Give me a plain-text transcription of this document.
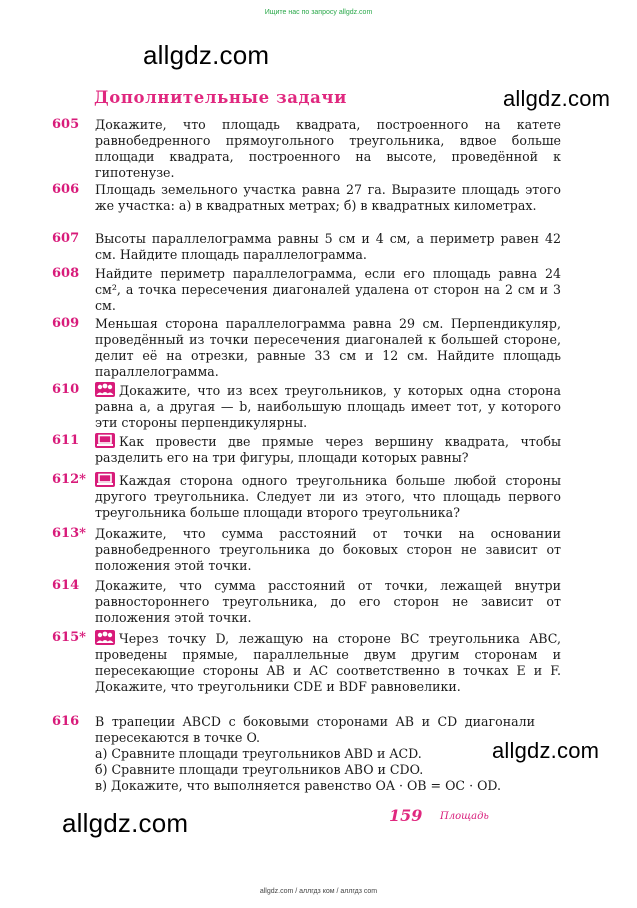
Ищите нас по запросу allgdz.com
allgdz.com
allgdz.com
allgdz.com
allgdz.com
Дополнительные задачи
605 Докажите, что площадь квадрата, построенного на катете равнобедренного прямоугольного треугольника, вдвое больше площади квадрата, построенного на высоте, проведённой к гипотенузе.
606 Площадь земельного участка равна 27 га. Выразите площадь этого же участка: а) в квадратных метрах; б) в квадратных километрах.
607 Высоты параллелограмма равны 5 см и 4 см, а периметр равен 42 см. Найдите площадь параллелограмма.
608 Найдите периметр параллелограмма, если его площадь равна 24 см², а точка пересечения диагоналей удалена от сторон на 2 см и 3 см.
609 Меньшая сторона параллелограмма равна 29 см. Перпендикуляр, проведённый из точки пересечения диагоналей к большей стороне, делит её на отрезки, равные 33 см и 12 см. Найдите площадь параллелограмма.
610	Докажите, что из всех треугольников, у которых одна сторона равна a, а другая — b, наибольшую площадь имеет тот, у которого эти стороны перпендикулярны.
611	Как провести две прямые через вершину квадрата, чтобы разделить его на три фигуры, площади которых равны?
612*	Каждая сторона одного треугольника больше любой стороны другого треугольника. Следует ли из этого, что площадь первого треугольника больше площади второго треугольника?
613* Докажите, что сумма расстояний от точки на основании равнобедренного треугольника до боковых сторон не зависит от положения этой точки.
614 Докажите, что сумма расстояний от точки, лежащей внутри равностороннего треугольника, до его сторон не зависит от положения этой точки.
615*	Через точку D, лежащую на стороне BC треугольника ABC, проведены прямые, параллельные двум другим сторонам и пересекающие стороны AB и AC соответственно в точках E и F. Докажите, что треугольники CDE и BDF равновелики.
616 В трапеции ABCD с боковыми сторонами AB и CD диагонали пересекаются в точке O.
а) Сравните площади треугольников ABD и ACD.
б) Сравните площади треугольников ABO и CDO.
в) Докажите, что выполняется равенство OA · OB = OC · OD.
159 Площадь
allgdz.com / аллгдз ком / аллгдз com
